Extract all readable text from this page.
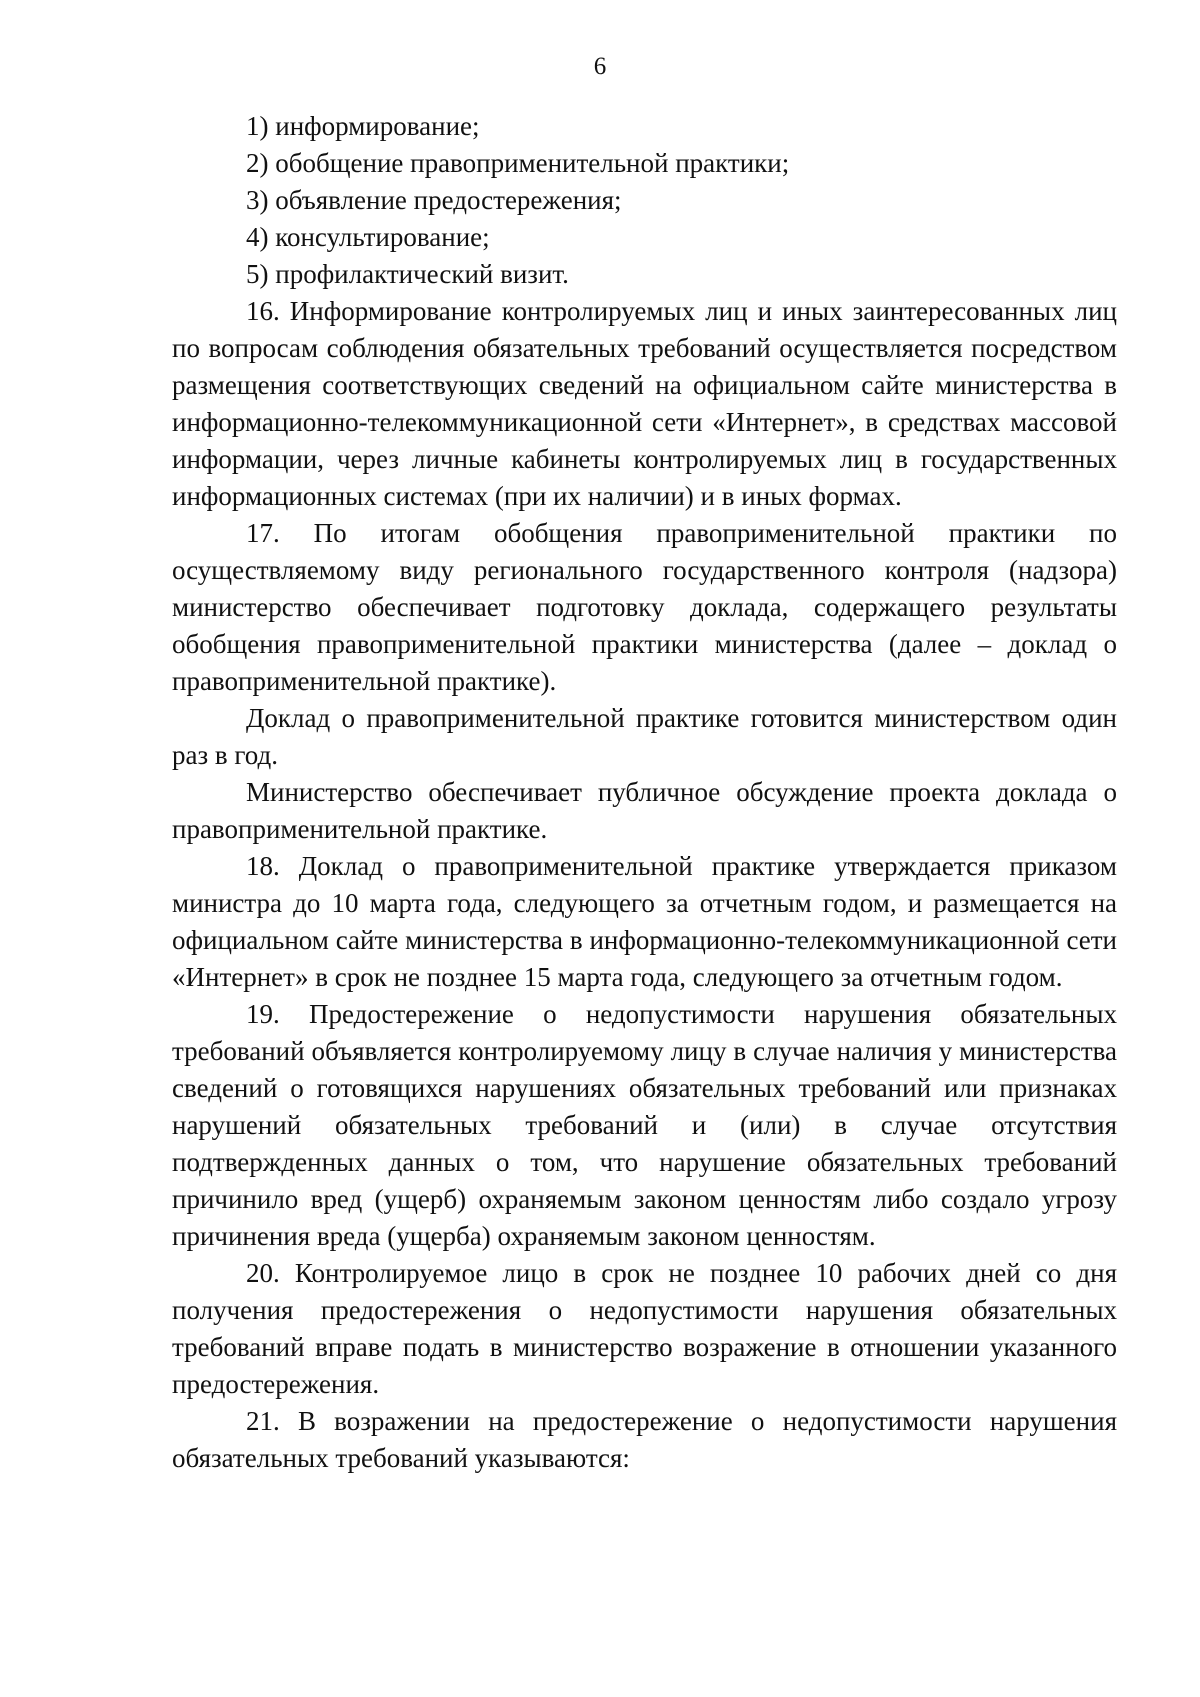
6

1) информирование;

2) обобщение правоприменительной практики;

3) объявление предостережения;

4) консультирование;

5) профилактический визит.

16. Информирование контролируемых лиц и иных заинтересованных лиц по вопросам соблюдения обязательных требований осуществляется посредством размещения соответствующих сведений на официальном сайте министерства в информационно-телекоммуникационной сети «Интернет», в средствах массовой информации, через личные кабинеты контролируемых лиц в государственных информационных системах (при их наличии) и в иных формах.

17. По итогам обобщения правоприменительной практики по осуществляемому виду регионального государственного контроля (надзора) министерство обеспечивает подготовку доклада, содержащего результаты обобщения правоприменительной практики министерства (далее – доклад о правоприменительной практике).

Доклад о правоприменительной практике готовится министерством один раз в год.

Министерство обеспечивает публичное обсуждение проекта доклада о правоприменительной практике.

18. Доклад о правоприменительной практике утверждается приказом министра до 10 марта года, следующего за отчетным годом, и размещается на официальном сайте министерства в информационно-телекоммуникационной сети «Интернет» в срок не позднее 15 марта года, следующего за отчетным годом.

19. Предостережение о недопустимости нарушения обязательных требований объявляется контролируемому лицу в случае наличия у министерства сведений о готовящихся нарушениях обязательных требований или признаках нарушений обязательных требований и (или) в случае отсутствия подтвержденных данных о том, что нарушение обязательных требований причинило вред (ущерб) охраняемым законом ценностям либо создало угрозу причинения вреда (ущерба) охраняемым законом ценностям.

20. Контролируемое лицо в срок не позднее 10 рабочих дней со дня получения предостережения о недопустимости нарушения обязательных требований вправе подать в министерство возражение в отношении указанного предостережения.

21. В возражении на предостережение о недопустимости нарушения обязательных требований указываются:
